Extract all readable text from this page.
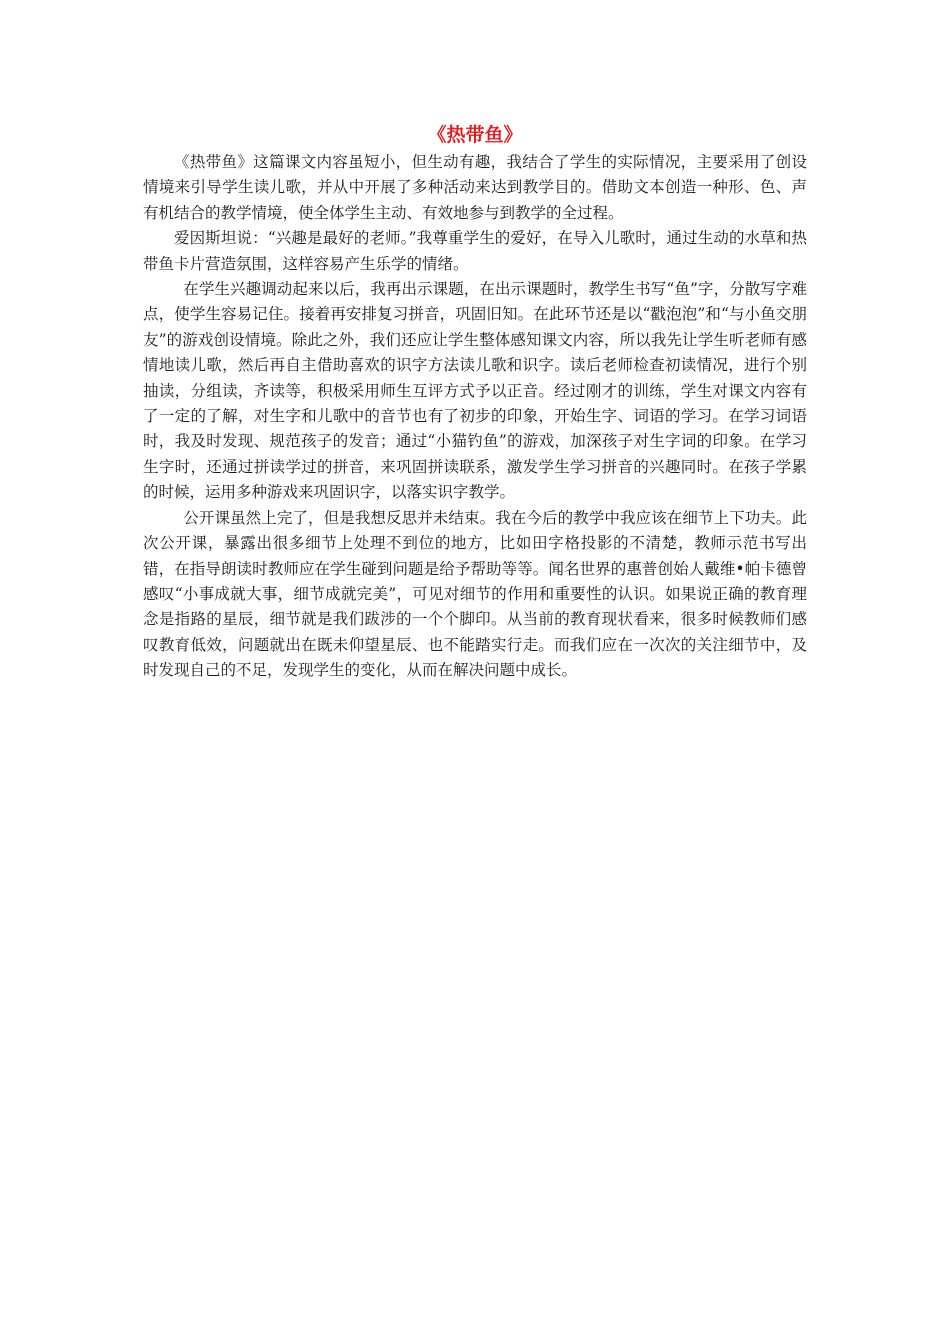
《热带鱼》

《热带鱼》这篇课文内容虽短小，但生动有趣，我结合了学生的实际情况，主要采用了创设情境来引导学生读儿歌，并从中开展了多种活动来达到教学目的。借助文本创造一种形、色、声有机结合的教学情境，使全体学生主动、有效地参与到教学的全过程。

爱因斯坦说：“兴趣是最好的老师。”我尊重学生的爱好，在导入儿歌时，通过生动的水草和热带鱼卡片营造氛围，这样容易产生乐学的情绪。

在学生兴趣调动起来以后，我再出示课题，在出示课题时，教学生书写“鱼”字，分散写字难点，使学生容易记住。接着再安排复习拼音，巩固旧知。在此环节还是以“戳泡泡”和“与小鱼交朋友”的游戏创设情境。除此之外，我们还应让学生整体感知课文内容，所以我先让学生听老师有感情地读儿歌，然后再自主借助喜欢的识字方法读儿歌和识字。读后老师检查初读情况，进行个别抽读，分组读，齐读等，积极采用师生互评方式予以正音。经过刚才的训练，学生对课文内容有了一定的了解，对生字和儿歌中的音节也有了初步的印象，开始生字、词语的学习。在学习词语时，我及时发现、规范孩子的发音；通过“小猫钓鱼”的游戏，加深孩子对生字词的印象。在学习生字时，还通过拼读学过的拼音，来巩固拼读联系，激发学生学习拼音的兴趣同时。在孩子学累的时候，运用多种游戏来巩固识字，以落实识字教学。

公开课虽然上完了，但是我想反思并未结束。我在今后的教学中我应该在细节上下功夫。此次公开课，暴露出很多细节上处理不到位的地方，比如田字格投影的不清楚，教师示范书写出错，在指导朗读时教师应在学生碰到问题是给予帮助等等。闻名世界的惠普创始人戴维•帕卡德曾感叹“小事成就大事，细节成就完美”，可见对细节的作用和重要性的认识。如果说正确的教育理念是指路的星辰，细节就是我们跋涉的一个个脚印。从当前的教育现状看来，很多时候教师们感叹教育低效，问题就出在既未仰望星辰、也不能踏实行走。而我们应在一次次的关注细节中，及时发现自己的不足，发现学生的变化，从而在解决问题中成长。
